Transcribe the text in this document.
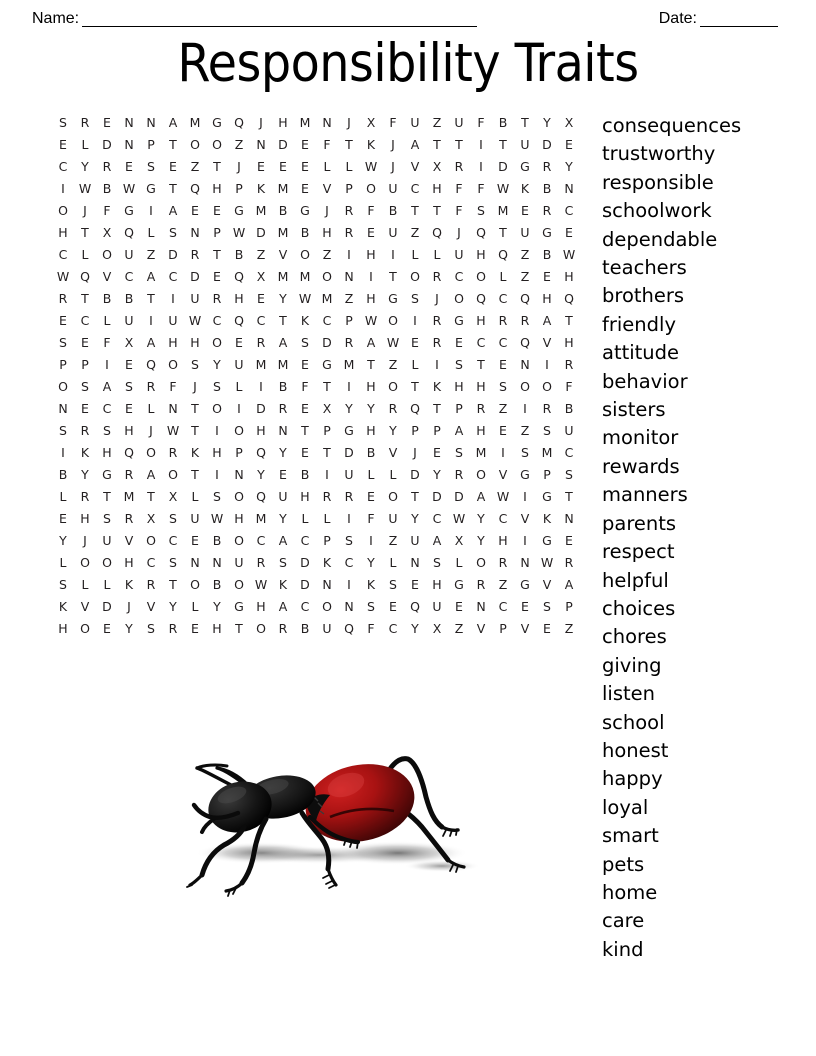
Name:	Date:
Responsibility Traits
S	R	E	N	N	A M G Q	J	H M N	J	X	F	U	Z	U	F	B	T	Y	X
E	L	D	N	P	T	O O	Z	N	D	E	F	T	K	J	A	T	T	I	T	U	D	E
C	Y	R	E	S	E	Z	T	J	E	E	E	L	L W	J	V	X	R	I	D G	R	Y
I	W B W G	T	Q H	P	K	M	E	V	P	O	U	C	H	F	F W K	B	N
O	J	F	G	I	A	E	E	G M B	G	J	R	F	B	T	T	F	S	M	E	R	C
H	T	X	Q	L	S	N	P W D M B	H	R	E	U	Z	Q	J	Q	T	U	G	E
C	L	O	U	Z	D	R	T	B	Z	V	O	Z	I	H	I	L	L	U	H Q	Z	B W
W Q	V	C	A	C	D	E	Q	X M M O N	I	T	O	R	C	O	L	Z	E	H
R	T	B	B	T	I	U	R	H	E	Y W M Z	H G	S	J	O Q	C	Q H Q
E	C	L	U	I	U W C	Q	C	T	K	C	P W O	I	R	G H	R	R	A	T
S	E	F	X	A	H	H O	E	R	A	S	D	R	A W E	R	E	C	C	Q	V	H
P	P	I	E	Q O	S	Y	U M M	E	G M	T	Z	L	I	S	T	E	N	I	R
O	S	A	S	R	F	J	S	L	I	B	F	T	I	H O	T	K	H	H	S	O O	F
N	E	C	E	L	N	T	O	I	D	R	E	X	Y	Y	R	Q	T	P	R	Z	I	R	B
S	R	S	H	J	W T	I	O H	N	T	P	G H	Y	P	P	A	H	E	Z	S	U
I	K	H Q O	R	K	H	P	Q	Y	E	T	D	B	V	J	E	S	M	I	S	M C
B	Y	G	R	A	O	T	I	N	Y	E	B	I	U	L	L	D	Y	R	O	V	G	P	S
L	R	T	M	T	X	L	S	O Q	U	H	R	R	E	O	T	D D	A W	I	G	T
E	H	S	R	X	S	U W H M	Y	L	L	I	F	U	Y	C W Y	C	V	K	N
Y	J	U	V	O	C	E	B	O	C	A	C	P	S	I	Z	U	A	X	Y	H	I	G	E
L	O O H	C	S	N	N	U	R	S	D	K	C	Y	L	N	S	L	O	R	N W R
S	L	L	K	R	T	O	B	O W K	D	N	I	K	S	E	H G	R	Z	G	V	A
K	V	D	J	V	Y	L	Y	G H	A	C	O N	S	E	Q	U	E	N	C	E	S	P
H O	E	Y	S	R	E	H	T	O	R	B	U	Q	F	C	Y	X	Z	V	P	V	E	Z
consequences
trustworthy
responsible
schoolwork
dependable
teachers
brothers
friendly
attitude
behavior
sisters
monitor
rewards
manners
parents
respect
helpful
choices
chores
giving
listen
school
honest
happy
loyal
smart
pets
home
care
kind
